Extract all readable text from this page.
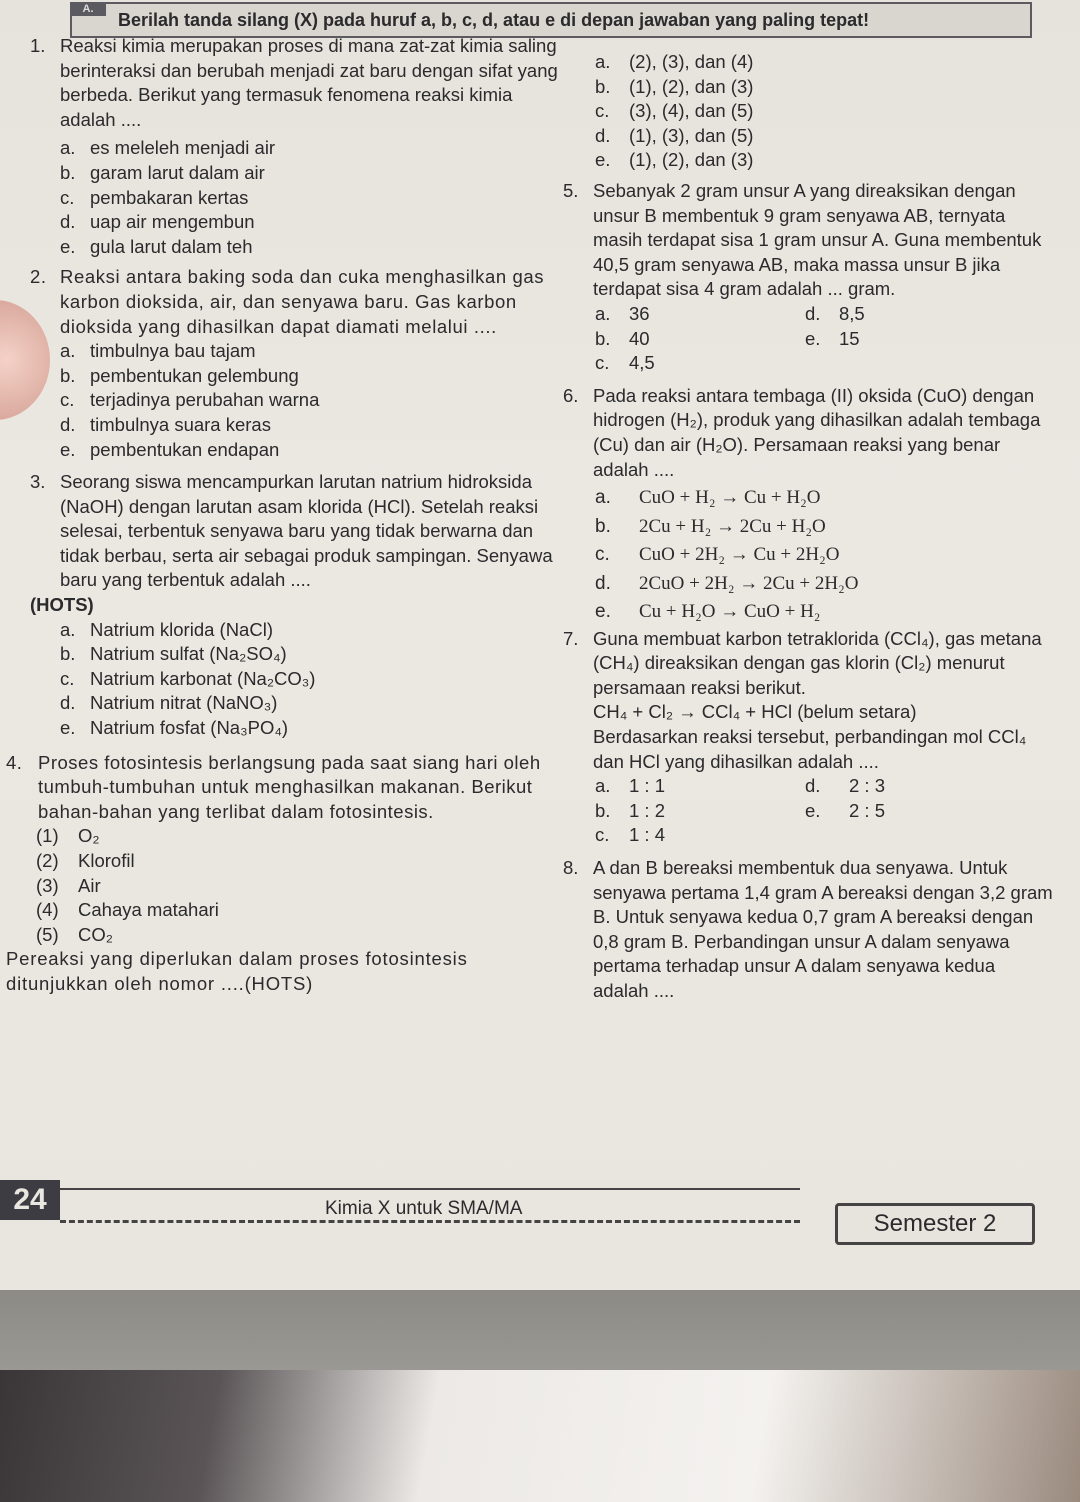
A.
Berilah tanda silang (X) pada huruf a, b, c, d, atau e di depan jawaban yang paling tepat!
1. Reaksi kimia merupakan proses di mana zat-zat kimia saling berinteraksi dan berubah menjadi zat baru dengan sifat yang berbeda. Berikut yang termasuk fenomena reaksi kimia adalah ....
a. es meleleh menjadi air
b. garam larut dalam air
c. pembakaran kertas
d. uap air mengembun
e. gula larut dalam teh
2. Reaksi antara baking soda dan cuka menghasilkan gas karbon dioksida, air, dan senyawa baru. Gas karbon dioksida yang dihasilkan dapat diamati melalui ....
a. timbulnya bau tajam
b. pembentukan gelembung
c. terjadinya perubahan warna
d. timbulnya suara keras
e. pembentukan endapan
3. Seorang siswa mencampurkan larutan natrium hidroksida (NaOH) dengan larutan asam klorida (HCl). Setelah reaksi selesai, terbentuk senyawa baru yang tidak berwarna dan tidak berbau, serta air sebagai produk sampingan. Senyawa baru yang terbentuk adalah ....
(HOTS)
a. Natrium klorida (NaCl)
b. Natrium sulfat (Na₂SO₄)
c. Natrium karbonat (Na₂CO₃)
d. Natrium nitrat (NaNO₃)
e. Natrium fosfat (Na₃PO₄)
4. Proses fotosintesis berlangsung pada saat siang hari oleh tumbuh-tumbuhan untuk menghasilkan makanan. Berikut bahan-bahan yang terlibat dalam fotosintesis.
(1) O₂
(2) Klorofil
(3) Air
(4) Cahaya matahari
(5) CO₂
Pereaksi yang diperlukan dalam proses fotosintesis ditunjukkan oleh nomor ....(HOTS)
a. (2), (3), dan (4)
b. (1), (2), dan (3)
c. (3), (4), dan (5)
d. (1), (3), dan (5)
e. (1), (2), dan (3)
5. Sebanyak 2 gram unsur A yang direaksikan dengan unsur B membentuk 9 gram senyawa AB, ternyata masih terdapat sisa 1 gram unsur A. Guna membentuk 40,5 gram senyawa AB, maka massa unsur B jika terdapat sisa 4 gram adalah ... gram.
a. 36	d. 8,5
b. 40	e. 15
c. 4,5
6. Pada reaksi antara tembaga (II) oksida (CuO) dengan hidrogen (H₂), produk yang dihasilkan adalah tembaga (Cu) dan air (H₂O). Persamaan reaksi yang benar adalah ....
a. CuO + H₂ → Cu + H₂O
b. 2Cu + H₂ → 2Cu + H₂O
c. CuO + 2H₂ → Cu + 2H₂O
d. 2CuO + 2H₂ → 2Cu + 2H₂O
e. Cu + H₂O → CuO + H₂
7. Guna membuat karbon tetraklorida (CCl₄), gas metana (CH₄) direaksikan dengan gas klorin (Cl₂) menurut persamaan reaksi berikut.
CH₄ + Cl₂ → CCl₄ + HCl (belum setara)
Berdasarkan reaksi tersebut, perbandingan mol CCl₄ dan HCl yang dihasilkan adalah ....
a. 1 : 1	d. 2 : 3
b. 1 : 2	e. 2 : 5
c. 1 : 4
8. A dan B bereaksi membentuk dua senyawa. Untuk senyawa pertama 1,4 gram A bereaksi dengan 3,2 gram B. Untuk senyawa kedua 0,7 gram A bereaksi dengan 0,8 gram B. Perbandingan unsur A dalam senyawa pertama terhadap unsur A dalam senyawa kedua adalah ....
24	Kimia X untuk SMA/MA
Semester 2
